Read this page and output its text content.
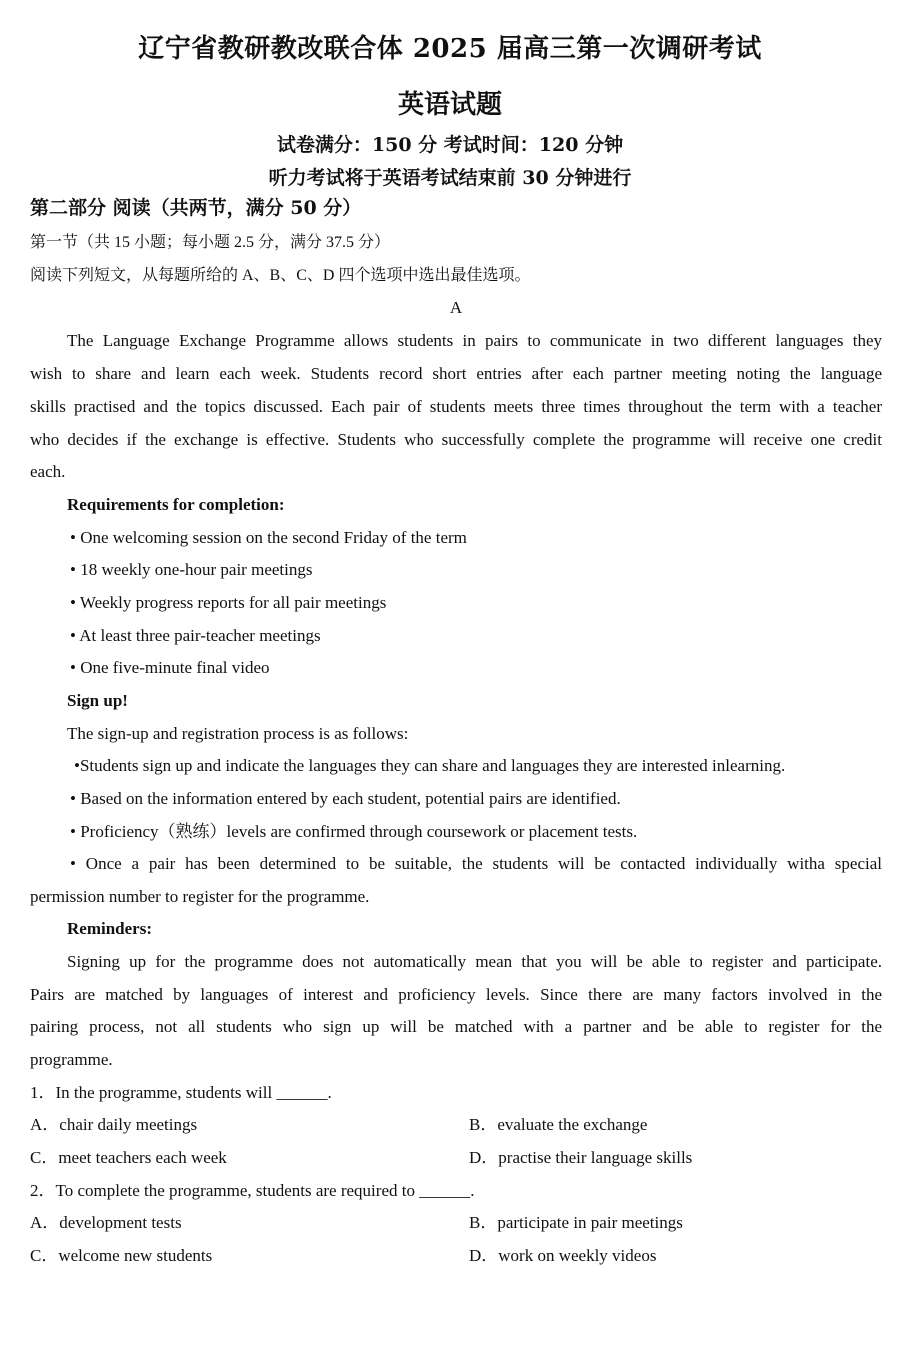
辽宁省教研教改联合体 2025 届高三第一次调研考试
英语试题
试卷满分：150 分 考试时间：120 分钟
听力考试将于英语考试结束前 30 分钟进行
第二部分 阅读（共两节，满分 50 分）
第一节（共 15 小题；每小题 2.5 分，满分 37.5 分）
阅读下列短文，从每题所给的 A、B、C、D 四个选项中选出最佳选项。
A
The Language Exchange Programme allows students in pairs to communicate in two different languages they
wish to share and learn each week. Students record short entries after each partner meeting noting the language
skills practised and the topics discussed. Each pair of students meets three times throughout the term with a teacher
who decides if the exchange is effective. Students who successfully complete the programme will receive one credit
each.
Requirements for completion:
• One welcoming session on the second Friday of the term
• 18 weekly one-hour pair meetings
• Weekly progress reports for all pair meetings
• At least three pair-teacher meetings
• One five-minute final video
Sign up!
The sign-up and registration process is as follows:
•Students sign up and indicate the languages they can share and languages they are interested inlearning.
• Based on the information entered by each student, potential pairs are identified.
• Proficiency（熟练）levels are confirmed through coursework or placement tests.
• Once a pair has been determined to be suitable, the students will be contacted individually witha special
permission number to register for the programme.
Reminders:
Signing up for the programme does not automatically mean that you will be able to register and participate.
Pairs are matched by languages of interest and proficiency levels. Since there are many factors involved in the
pairing process, not all students who sign up will be matched with a partner and be able to register for the
programme.
1．In the programme, students will ______.
A．chair daily meetings	B．evaluate the exchange
C．meet teachers each week	D．practise their language skills
2．To complete the programme, students are required to ______.
A．development tests	B．participate in pair meetings
C．welcome new students	D．work on weekly videos
